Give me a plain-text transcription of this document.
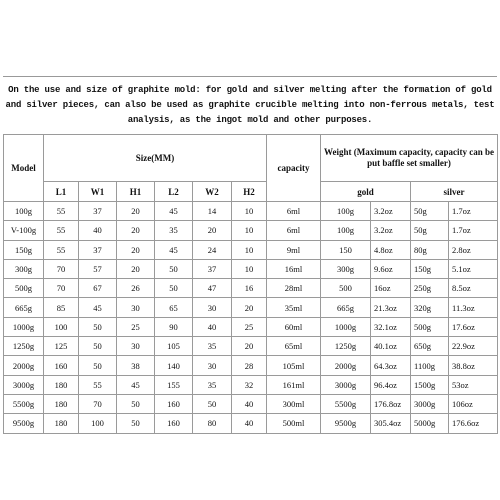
On the use and size of graphite mold: for gold and silver melting after the formation of gold and silver pieces, can also be used as graphite crucible melting into non-ferrous metals, test analysis, as the ingot mold and other purposes.
Model	Size(MM)						capacity	Weight (Maximum capacity, capacity can be put baffle set smaller)			
	L1	W1	H1	L2	W2	H2		gold		silver	
100g	55	37	20	45	14	10	6ml	100g	3.2oz	50g	1.7oz
V-100g	55	40	20	35	20	10	6ml	100g	3.2oz	50g	1.7oz
150g	55	37	20	45	24	10	9ml	150	4.8oz	80g	2.8oz
300g	70	57	20	50	37	10	16ml	300g	9.6oz	150g	5.1oz
500g	70	67	26	50	47	16	28ml	500	16oz	250g	8.5oz
665g	85	45	30	65	30	20	35ml	665g	21.3oz	320g	11.3oz
1000g	100	50	25	90	40	25	60ml	1000g	32.1oz	500g	17.6oz
1250g	125	50	30	105	35	20	65ml	1250g	40.1oz	650g	22.9oz
2000g	160	50	38	140	30	28	105ml	2000g	64.3oz	1100g	38.8oz
3000g	180	55	45	155	35	32	161ml	3000g	96.4oz	1500g	53oz
5500g	180	70	50	160	50	40	300ml	5500g	176.8oz	3000g	106oz
9500g	180	100	50	160	80	40	500ml	9500g	305.4oz	5000g	176.6oz
